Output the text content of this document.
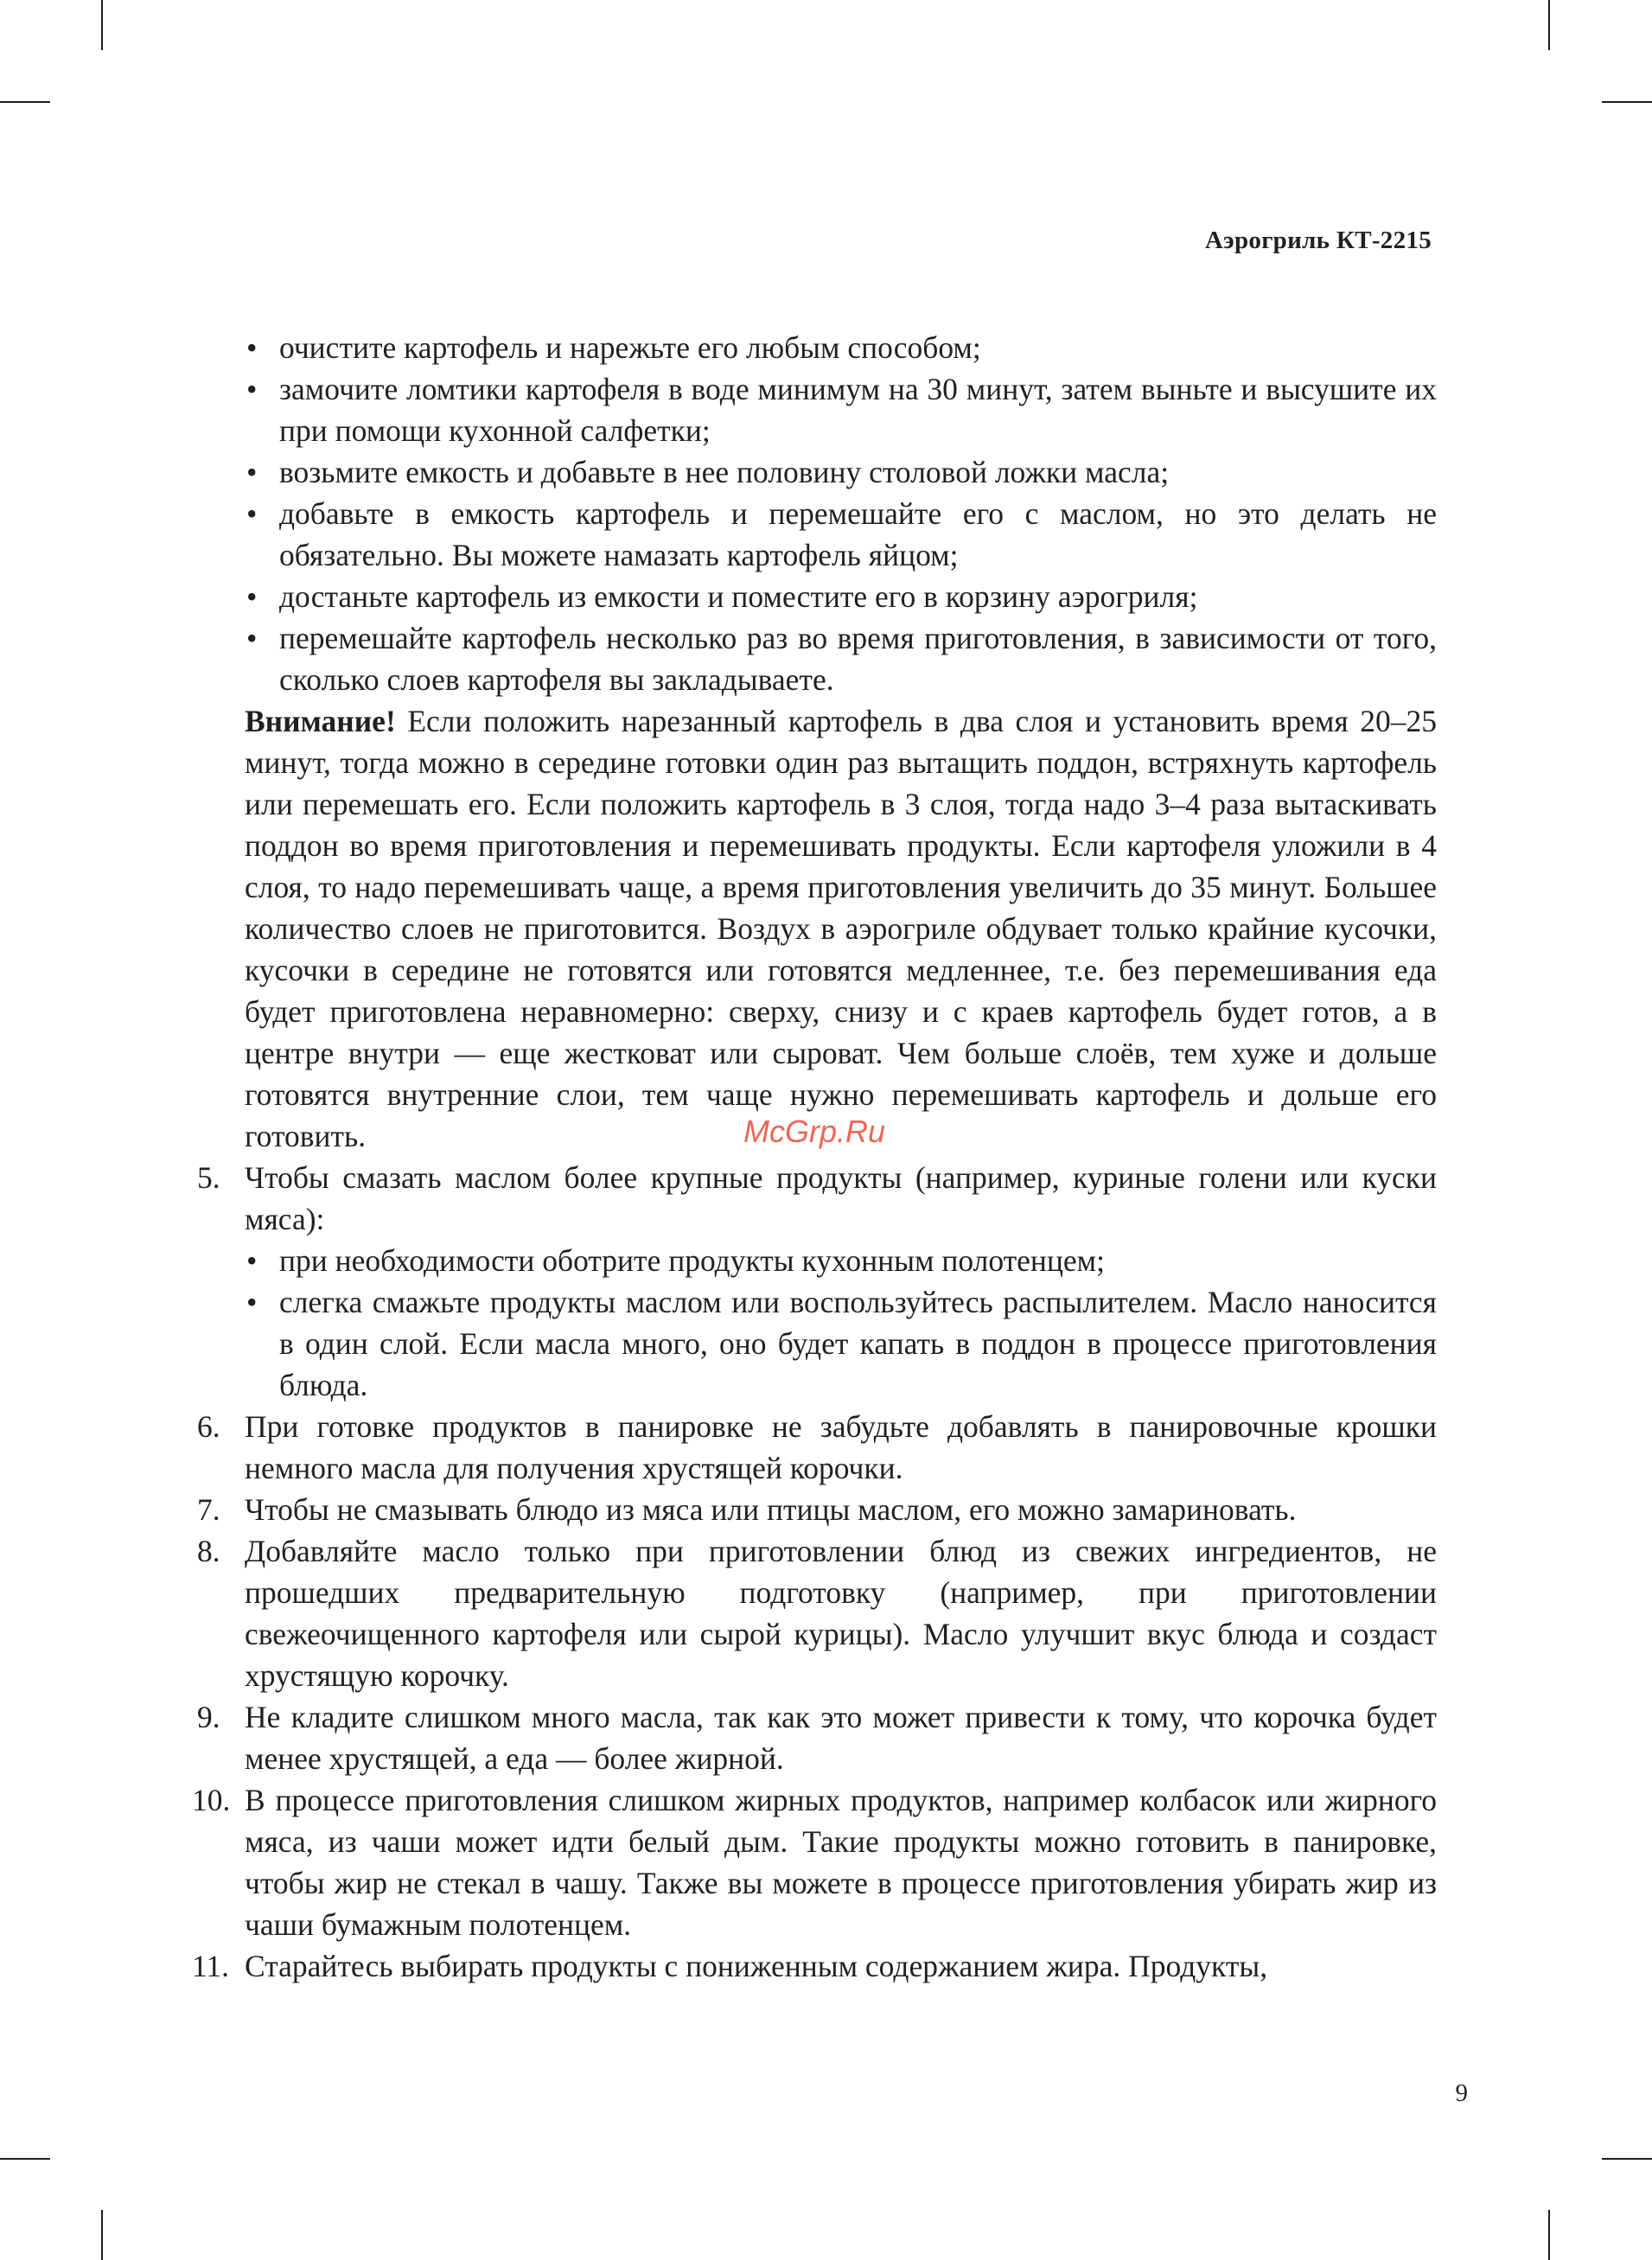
Аэрогриль КТ-2215
• очистите картофель и нарежьте его любым способом;
• замочите ломтики картофеля в воде минимум на 30 минут, затем выньте и высушите их при помощи кухонной салфетки;
• возьмите емкость и добавьте в нее половину столовой ложки масла;
• добавьте в емкость картофель и перемешайте его с маслом, но это делать не обязательно. Вы можете намазать картофель яйцом;
• достаньте картофель из емкости и поместите его в корзину аэрогриля;
• перемешайте картофель несколько раз во время приготовления, в зависимости от того, сколько слоев картофеля вы закладываете.

Внимание! Если положить нарезанный картофель в два слоя и установить время 20–25 минут, тогда можно в середине готовки один раз вытащить поддон, встряхнуть картофель или перемешать его. Если положить картофель в 3 слоя, тогда надо 3–4 раза вытаскивать поддон во время приготовления и перемешивать продукты. Если картофеля уложили в 4 слоя, то надо перемешивать чаще, а время приготовления увеличить до 35 минут. Большее количество слоев не приготовится. Воздух в аэрогриле обдувает только крайние кусочки, кусочки в середине не готовятся или готовятся медленнее, т.е. без перемешивания еда будет приготовлена неравномерно: сверху, снизу и с краев картофель будет готов, а в центре внутри — еще жестковат или сыроват. Чем больше слоёв, тем хуже и дольше готовятся внутренние слои, тем чаще нужно перемешивать картофель и дольше его готовить.

5. Чтобы смазать маслом более крупные продукты (например, куриные голени или куски мяса):
• при необходимости оботрите продукты кухонным полотенцем;
• слегка смажьте продукты маслом или воспользуйтесь распылителем. Масло наносится в один слой. Если масла много, оно будет капать в поддон в процессе приготовления блюда.
6. При готовке продуктов в панировке не забудьте добавлять в панировочные крошки немного масла для получения хрустящей корочки.
7. Чтобы не смазывать блюдо из мяса или птицы маслом, его можно замариновать.
8. Добавляйте масло только при приготовлении блюд из свежих ингредиентов, не прошедших предварительную подготовку (например, при приготовлении свежеочищенного картофеля или сырой курицы). Масло улучшит вкус блюда и создаст хрустящую корочку.
9. Не кладите слишком много масла, так как это может привести к тому, что корочка будет менее хрустящей, а еда — более жирной.
10. В процессе приготовления слишком жирных продуктов, например колбасок или жирного мяса, из чаши может идти белый дым. Такие продукты можно готовить в панировке, чтобы жир не стекал в чашу. Также вы можете в процессе приготовления убирать жир из чаши бумажным полотенцем.
11. Старайтесь выбирать продукты с пониженным содержанием жира. Продукты,
McGrp.Ru
9
